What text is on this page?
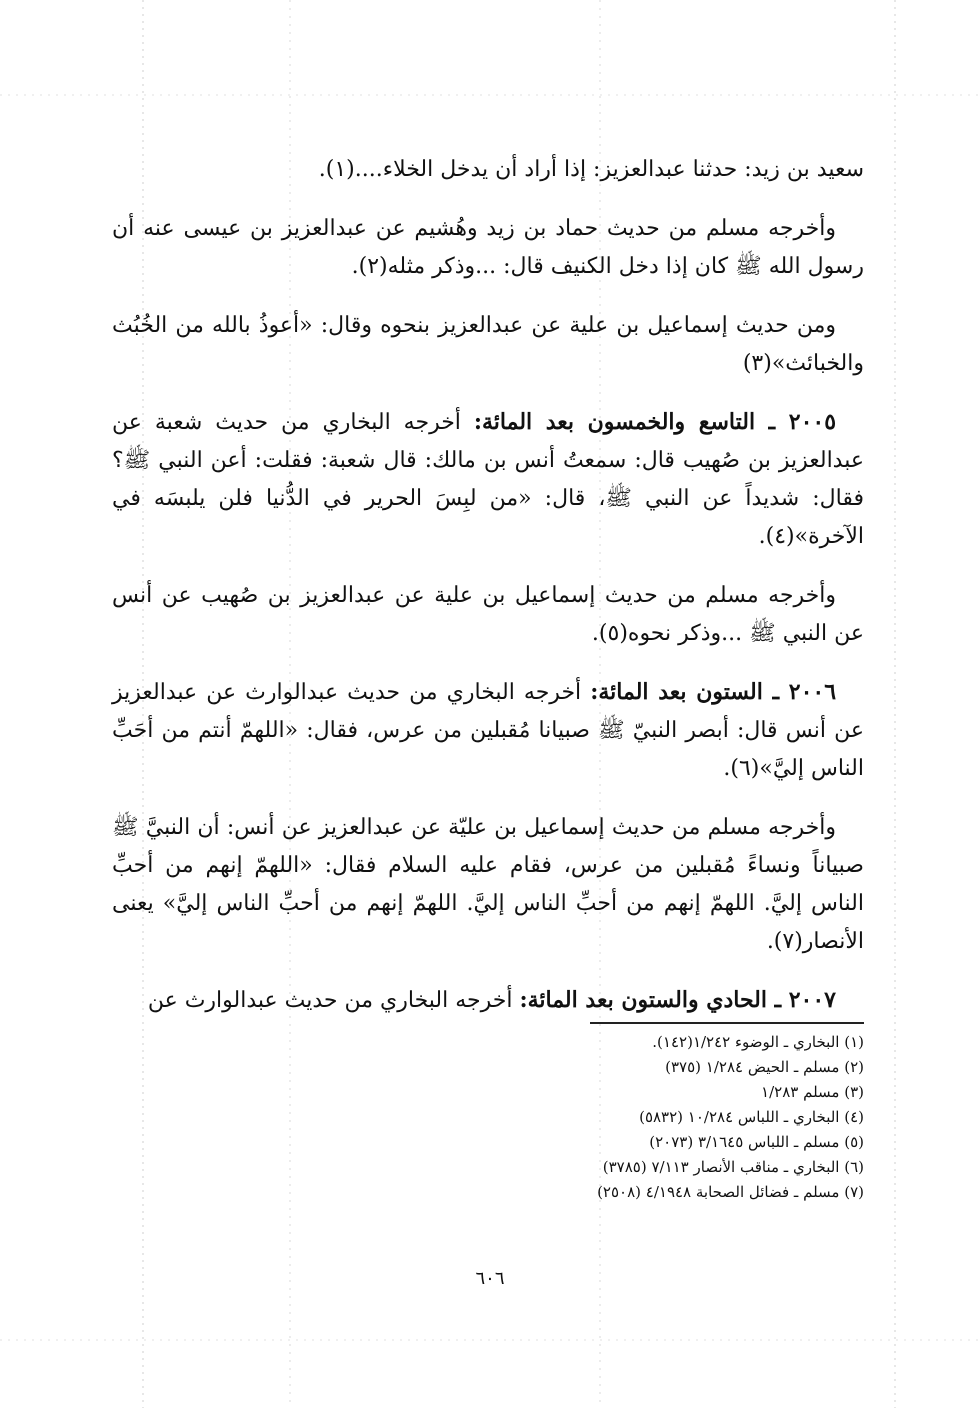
سعيد بن زيد: حدثنا عبدالعزيز: إذا أراد أن يدخل الخلاء....(١).

وأخرجه مسلم من حديث حماد بن زيد وهُشيم عن عبدالعزيز بن عيسى عنه أن رسول الله ﷺ كان إذا دخل الكنيف قال: ...وذكر مثله(٢).

ومن حديث إسماعيل بن علية عن عبدالعزيز بنحوه وقال: «أعوذُ بالله من الخُبُث والخبائث»(٣)

٢٠٠٥ ـ التاسع والخمسون بعد المائة: أخرجه البخاري من حديث شعبة عن عبدالعزيز بن صُهيب قال: سمعتُ أنس بن مالك: قال شعبة: فقلت: أعن النبي ﷺ؟ فقال: شديداً عن النبي ﷺ، قال: «من لبِسَ الحرير في الدُّنيا فلن يلبسَه في الآخرة»(٤).

وأخرجه مسلم من حديث إسماعيل بن علية عن عبدالعزيز بن صُهيب عن أنس عن النبي ﷺ ...وذكر نحوه(٥).

٢٠٠٦ ـ الستون بعد المائة: أخرجه البخاري من حديث عبدالوارث عن عبدالعزيز عن أنس قال: أبصر النبيّ ﷺ صبيانا مُقبلين من عرس، فقال: «اللهمّ أنتم من أحَبِّ الناس إليَّ»(٦).

وأخرجه مسلم من حديث إسماعيل بن عليّة عن عبدالعزيز عن أنس: أن النبيَّ ﷺ صبياناً ونساءً مُقبلين من عرس، فقام عليه السلام فقال: «اللهمّ إنهم من أحبِّ الناس إليَّ. اللهمّ إنهم من أحبِّ الناس إليَّ. اللهمّ إنهم من أحبِّ الناس إليَّ» يعنى الأنصار(٧).

٢٠٠٧ ـ الحادي والستون بعد المائة: أخرجه البخاري من حديث عبدالوارث عن

(١) البخاري ـ الوضوء ١/٢٤٢(١٤٢).

(٢) مسلم ـ الحيض ١/٢٨٤ (٣٧٥)

(٣) مسلم ١/٢٨٣

(٤) البخاري ـ اللباس ١٠/٢٨٤ (٥٨٣٢)

(٥) مسلم ـ اللباس ٣/١٦٤٥ (٢٠٧٣)

(٦) البخاري ـ مناقب الأنصار ٧/١١٣ (٣٧٨٥)

(٧) مسلم ـ فضائل الصحابة ٤/١٩٤٨ (٢٥٠٨)

٦٠٦
